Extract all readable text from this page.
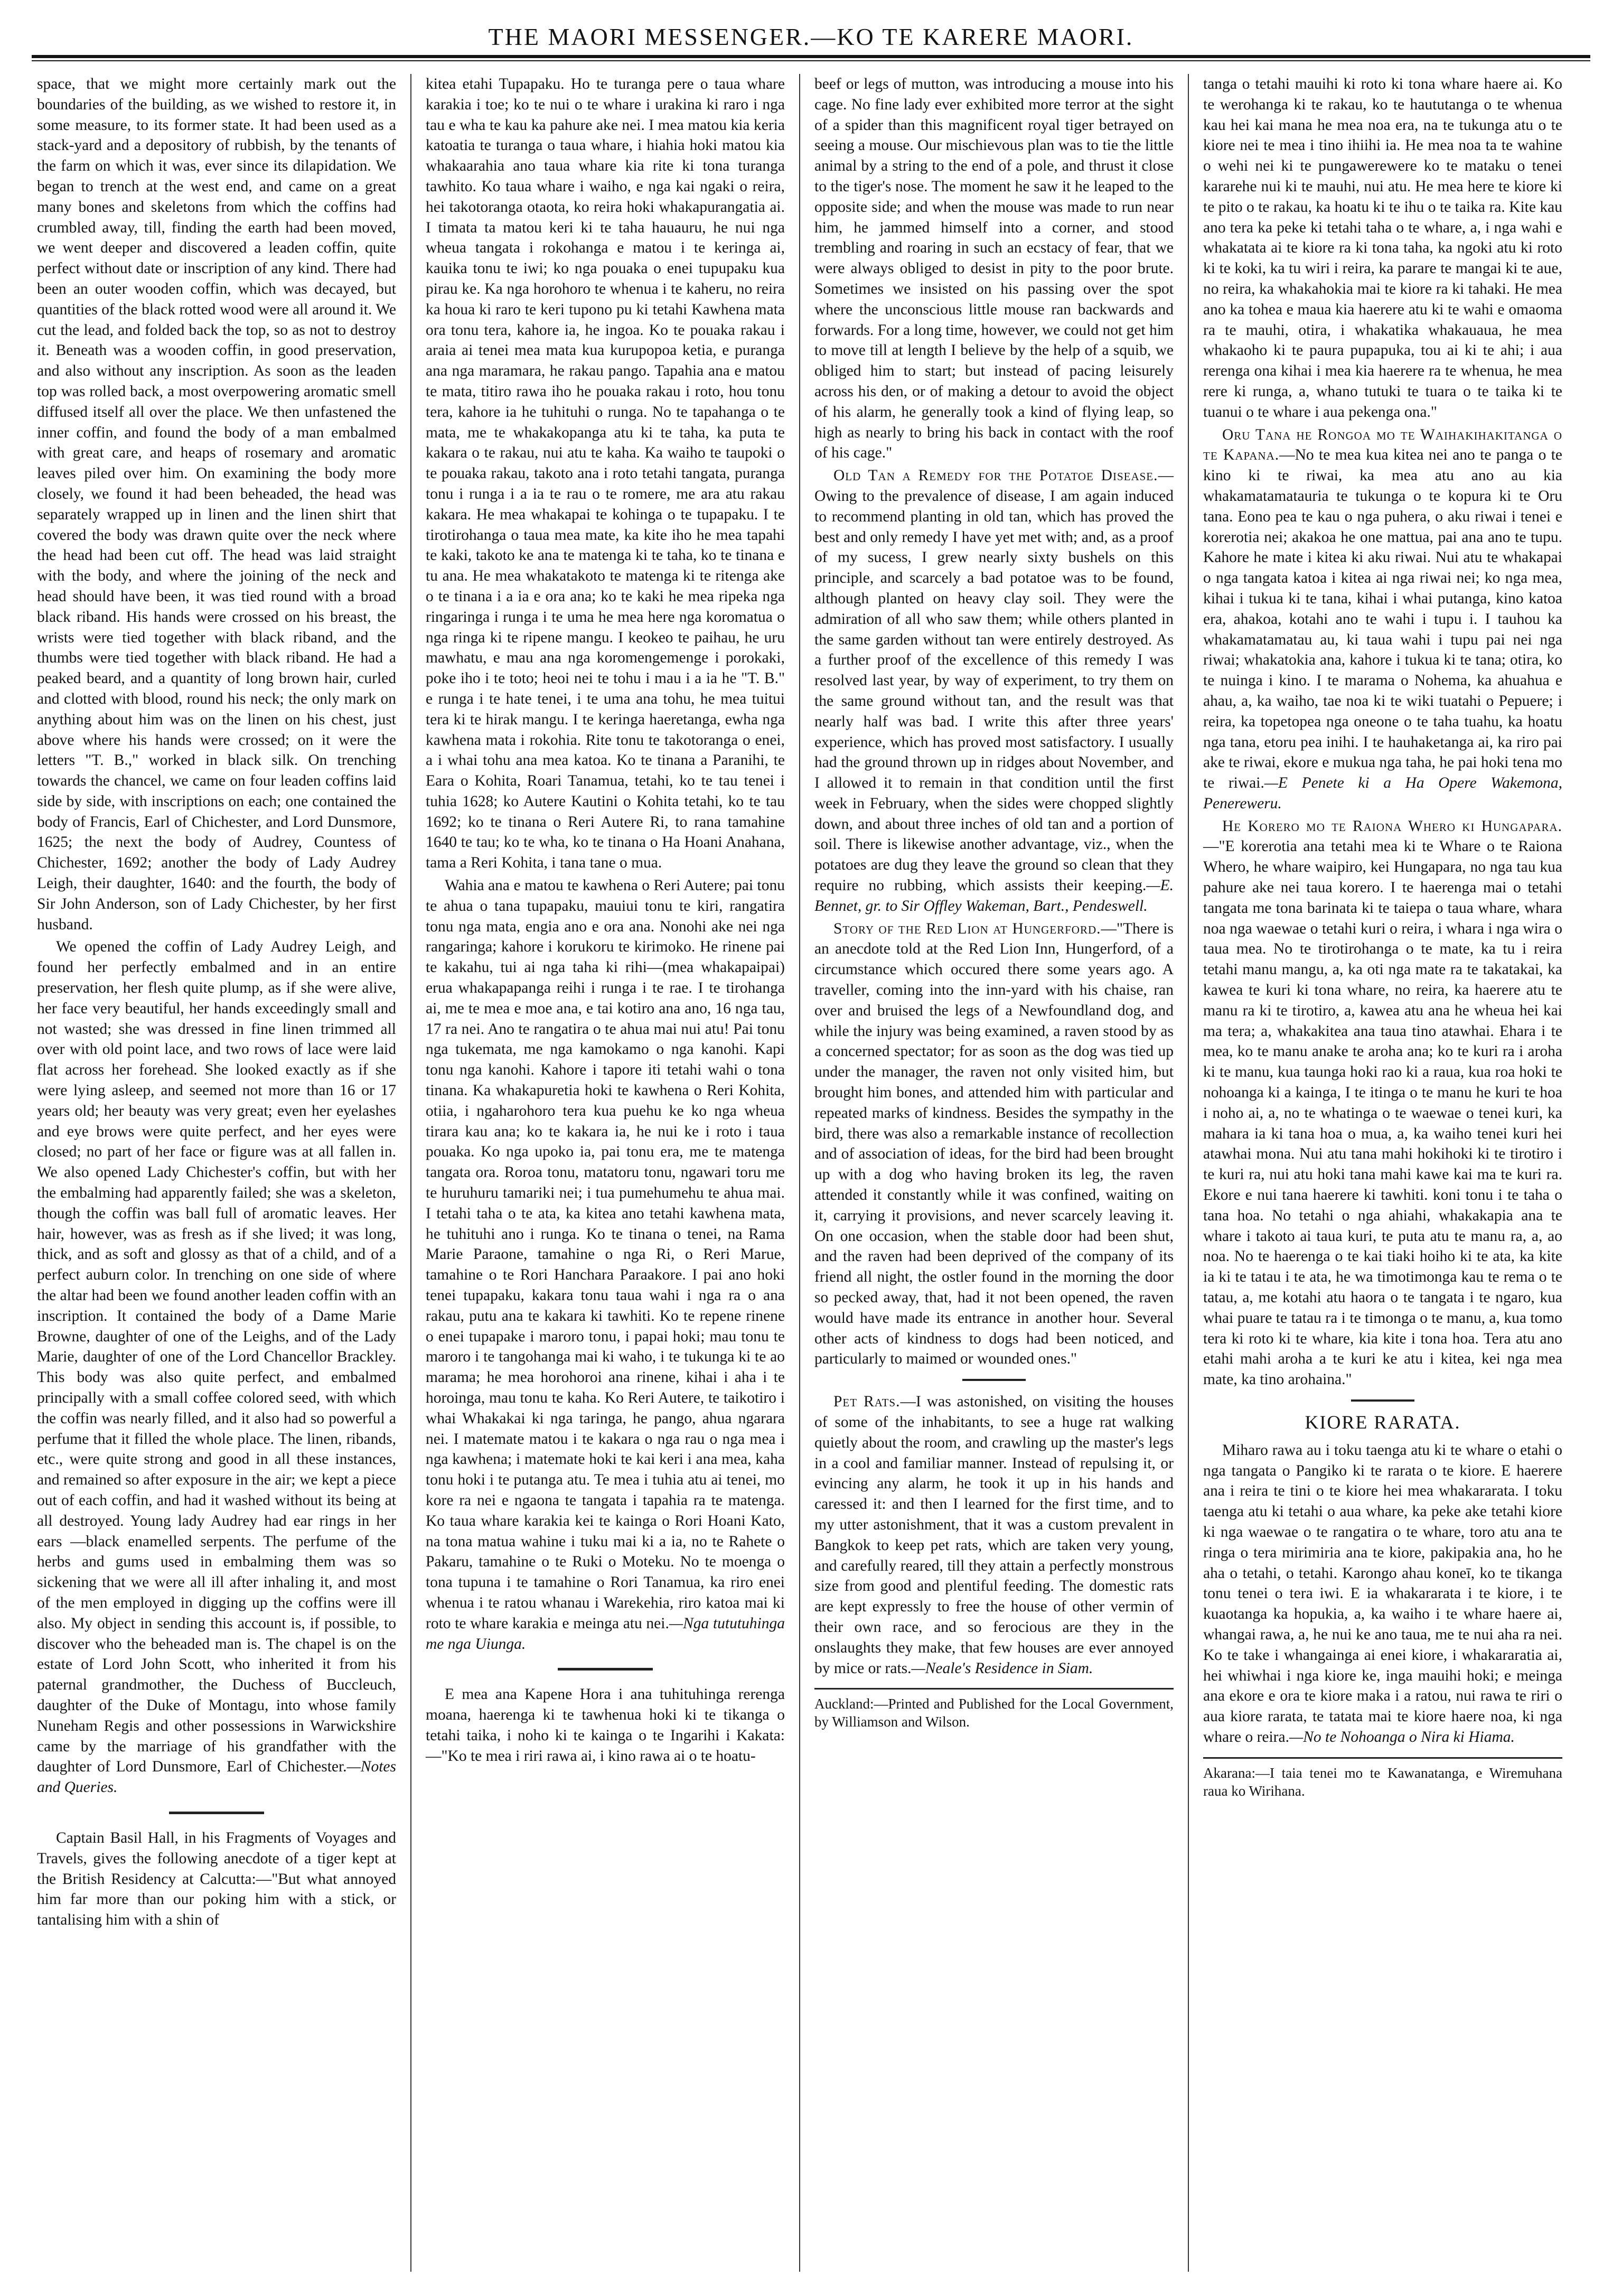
THE MAORI MESSENGER.—KO TE KARERE MAORI.

space, that we might more certainly mark out the boundaries of the building, as we wished to restore it, in some measure, to its former state. It had been used as a stack-yard and a depository of rubbish, by the tenants of the farm on which it was, ever since its dilapidation. We began to trench at the west end, and came on a great many bones and skeletons from which the coffins had crumbled away, till, finding the earth had been moved, we went deeper and discovered a leaden coffin, quite perfect without date or inscription of any kind. There had been an outer wooden coffin, which was decayed, but quantities of the black rotted wood were all around it. We cut the lead, and folded back the top, so as not to destroy it. Beneath was a wooden coffin, in good preservation, and also without any inscription. As soon as the leaden top was rolled back, a most overpowering aromatic smell diffused itself all over the place. We then unfastened the inner coffin, and found the body of a man embalmed with great care, and heaps of rosemary and aromatic leaves piled over him. On examining the body more closely, we found it had been beheaded, the head was separately wrapped up in linen and the linen shirt that covered the body was drawn quite over the neck where the head had been cut off. The head was laid straight with the body, and where the joining of the neck and head should have been, it was tied round with a broad black riband. His hands were crossed on his breast, the wrists were tied together with black riband, and the thumbs were tied together with black riband. He had a peaked beard, and a quantity of long brown hair, curled and clotted with blood, round his neck; the only mark on anything about him was on the linen on his chest, just above where his hands were crossed; on it were the letters "T. B.," worked in black silk. On trenching towards the chancel, we came on four leaden coffins laid side by side, with inscriptions on each; one contained the body of Francis, Earl of Chichester, and Lord Dunsmore, 1625; the next the body of Audrey, Countess of Chichester, 1692; another the body of Lady Audrey Leigh, their daughter, 1640: and the fourth, the body of Sir John Anderson, son of Lady Chichester, by her first husband.

We opened the coffin of Lady Audrey Leigh, and found her perfectly embalmed and in an entire preservation, her flesh quite plump, as if she were alive, her face very beautiful, her hands exceedingly small and not wasted; she was dressed in fine linen trimmed all over with old point lace, and two rows of lace were laid flat across her forehead. She looked exactly as if she were lying asleep, and seemed not more than 16 or 17 years old; her beauty was very great; even her eyelashes and eye brows were quite perfect, and her eyes were closed; no part of her face or figure was at all fallen in. We also opened Lady Chichester's coffin, but with her the embalming had apparently failed; she was a skeleton, though the coffin was ball full of aromatic leaves. Her hair, however, was as fresh as if she lived; it was long, thick, and as soft and glossy as that of a child, and of a perfect auburn color. In trenching on one side of where the altar had been we found another leaden coffin with an inscription. It contained the body of a Dame Marie Browne, daughter of one of the Leighs, and of the Lady Marie, daughter of one of the Lord Chancellor Brackley. This body was also quite perfect, and embalmed principally with a small coffee colored seed, with which the coffin was nearly filled, and it also had so powerful a perfume that it filled the whole place. The linen, ribands, etc., were quite strong and good in all these instances, and remained so after exposure in the air; we kept a piece out of each coffin, and had it washed without its being at all destroyed. Young lady Audrey had ear rings in her ears —black enamelled serpents. The perfume of the herbs and gums used in embalming them was so sickening that we were all ill after inhaling it, and most of the men employed in digging up the coffins were ill also. My object in sending this account is, if possible, to discover who the beheaded man is. The chapel is on the estate of Lord John Scott, who inherited it from his paternal grandmother, the Duchess of Buccleuch, daughter of the Duke of Montagu, into whose family Nuneham Regis and other possessions in Warwickshire came by the marriage of his grandfather with the daughter of Lord Dunsmore, Earl of Chichester.—Notes and Queries.

Captain Basil Hall, in his Fragments of Voyages and Travels, gives the following anecdote of a tiger kept at the British Residency at Calcutta:—"But what annoyed him far more than our poking him with a stick, or tantalising him with a shin of

kitea etahi Tupapaku. Ho te turanga pere o taua whare karakia i toe; ko te nui o te whare i urakina ki raro i nga tau e wha te kau ka pahure ake nei. I mea matou kia keria katoatia te turanga o taua whare, i hiahia hoki matou kia whakaarahia ano taua whare kia rite ki tona turanga tawhito. Ko taua whare i waiho, e nga kai ngaki o reira, hei takotoranga otaota, ko reira hoki whakapurangatia ai. I timata ta matou keri ki te taha hauauru, he nui nga wheua tangata i rokohanga e matou i te keringa ai, kauika tonu te iwi; ko nga pouaka o enei tupupaku kua pirau ke. Ka nga horohoro te whenua i te kaheru, no reira ka houa ki raro te keri tupono pu ki tetahi Kawhena mata ora tonu tera, kahore ia, he ingoa. Ko te pouaka rakau i araia ai tenei mea mata kua kurupopoa ketia, e puranga ana nga maramara, he rakau pango. Tapahia ana e matou te mata, titiro rawa iho he pouaka rakau i roto, hou tonu tera, kahore ia he tuhituhi o runga. No te tapahanga o te mata, me te whakakopanga atu ki te taha, ka puta te kakara o te rakau, nui atu te kaha. Ka waiho te taupoki o te pouaka rakau, takoto ana i roto tetahi tangata, puranga tonu i runga i a ia te rau o te romere, me ara atu rakau kakara. He mea whakapai te kohinga o te tupapaku. I te tirotirohanga o taua mea mate, ka kite iho he mea tapahi te kaki, takoto ke ana te matenga ki te taha, ko te tinana e tu ana. He mea whakatakoto te matenga ki te ritenga ake o te tinana i a ia e ora ana; ko te kaki he mea ripeka nga ringaringa i runga i te uma he mea here nga koromatua o nga ringa ki te ripene mangu. I keokeo te paihau, he uru mawhatu, e mau ana nga koromengemenge i porokaki, poke iho i te toto; heoi nei te tohu i mau i a ia he "T. B." e runga i te hate tenei, i te uma ana tohu, he mea tuitui tera ki te hirak mangu. I te keringa haeretanga, ewha nga kawhena mata i rokohia. Rite tonu te takotoranga o enei, a i whai tohu ana mea katoa. Ko te tinana a Paranihi, te Eara o Kohita, Roari Tanamua, tetahi, ko te tau tenei i tuhia 1628; ko Autere Kautini o Kohita tetahi, ko te tau 1692; ko te tinana o Reri Autere Ri, to rana tamahine 1640 te tau; ko te wha, ko te tinana o Ha Hoani Anahana, tama a Reri Kohita, i tana tane o mua.

Wahia ana e matou te kawhena o Reri Autere; pai tonu te ahua o tana tupapaku, mauiui tonu te kiri, rangatira tonu nga mata, engia ano e ora ana. Nonohi ake nei nga rangaringa; kahore i korukoru te kirimoko. He rinene pai te kakahu, tui ai nga taha ki rihi—(mea whakapaipai) erua whakapapanga reihi i runga i te rae. I te tirohanga ai, me te mea e moe ana, e tai kotiro ana ano, 16 nga tau, 17 ra nei. Ano te rangatira o te ahua mai nui atu! Pai tonu nga tukemata, me nga kamokamo o nga kanohi. Kapi tonu nga kanohi. Kahore i tapore iti tetahi wahi o tona tinana. Ka whakapuretia hoki te kawhena o Reri Kohita, otiia, i ngaharohoro tera kua puehu ke ko nga wheua tirara kau ana; ko te kakara ia, he nui ke i roto i taua pouaka. Ko nga upoko ia, pai tonu era, me te matenga tangata ora. Roroa tonu, matatoru tonu, ngawari toru me te huruhuru tamariki nei; i tua pumehumehu te ahua mai. I tetahi taha o te ata, ka kitea ano tetahi kawhena mata, he tuhituhi ano i runga. Ko te tinana o tenei, na Rama Marie Paraone, tamahine o nga Ri, o Reri Marue, tamahine o te Rori Hanchara Paraakore. I pai ano hoki tenei tupapaku, kakara tonu taua wahi i nga ra o ana rakau, putu ana te kakara ki tawhiti. Ko te repene rinene o enei tupapake i maroro tonu, i papai hoki; mau tonu te maroro i te tangohanga mai ki waho, i te tukunga ki te ao marama; he mea horohoroi ana rinene, kihai i aha i te horoinga, mau tonu te kaha. Ko Reri Autere, te taikotiro i whai Whakakai ki nga taringa, he pango, ahua ngarara nei. I matemate matou i te kakara o nga rau o nga mea i nga kawhena; i matemate hoki te kai keri i ana mea, kaha tonu hoki i te putanga atu. Te mea i tuhia atu ai tenei, mo kore ra nei e ngaona te tangata i tapahia ra te matenga. Ko taua whare karakia kei te kainga o Rori Hoani Kato, na tona matua wahine i tuku mai ki a ia, no te Rahete o Pakaru, tamahine o te Ruki o Moteku. No te moenga o tona tupuna i te tamahine o Rori Tanamua, ka riro enei whenua i te ratou whanau i Warekehia, riro katoa mai ki roto te whare karakia e meinga atu nei.—Nga tututuhinga me nga Uiunga.

E mea ana Kapene Hora i ana tuhituhinga rerenga moana, haerenga ki te tawhenua hoki ki te tikanga o tetahi taika, i noho ki te kainga o te Ingarihi i Kakata:—"Ko te mea i riri rawa ai, i kino rawa ai o te hoatu-

beef or legs of mutton, was introducing a mouse into his cage. No fine lady ever exhibited more terror at the sight of a spider than this magnificent royal tiger betrayed on seeing a mouse. Our mischievous plan was to tie the little animal by a string to the end of a pole, and thrust it close to the tiger's nose. The moment he saw it he leaped to the opposite side; and when the mouse was made to run near him, he jammed himself into a corner, and stood trembling and roaring in such an ecstacy of fear, that we were always obliged to desist in pity to the poor brute. Sometimes we insisted on his passing over the spot where the unconscious little mouse ran backwards and forwards. For a long time, however, we could not get him to move till at length I believe by the help of a squib, we obliged him to start; but instead of pacing leisurely across his den, or of making a detour to avoid the object of his alarm, he generally took a kind of flying leap, so high as nearly to bring his back in contact with the roof of his cage."

Old Tan a Remedy for the Potatoe Disease.—Owing to the prevalence of disease, I am again induced to recommend planting in old tan, which has proved the best and only remedy I have yet met with; and, as a proof of my sucess, I grew nearly sixty bushels on this principle, and scarcely a bad potatoe was to be found, although planted on heavy clay soil. They were the admiration of all who saw them; while others planted in the same garden without tan were entirely destroyed. As a further proof of the excellence of this remedy I was resolved last year, by way of experiment, to try them on the same ground without tan, and the result was that nearly half was bad. I write this after three years' experience, which has proved most satisfactory. I usually had the ground thrown up in ridges about November, and I allowed it to remain in that condition until the first week in February, when the sides were chopped slightly down, and about three inches of old tan and a portion of soil. There is likewise another advantage, viz., when the potatoes are dug they leave the ground so clean that they require no rubbing, which assists their keeping.—E. Bennet, gr. to Sir Offley Wakeman, Bart., Pendeswell.

Story of the Red Lion at Hungerford.—"There is an anecdote told at the Red Lion Inn, Hungerford, of a circumstance which occured there some years ago. A traveller, coming into the inn-yard with his chaise, ran over and bruised the legs of a Newfoundland dog, and while the injury was being examined, a raven stood by as a concerned spectator; for as soon as the dog was tied up under the manager, the raven not only visited him, but brought him bones, and attended him with particular and repeated marks of kindness. Besides the sympathy in the bird, there was also a remarkable instance of recollection and of association of ideas, for the bird had been brought up with a dog who having broken its leg, the raven attended it constantly while it was confined, waiting on it, carrying it provisions, and never scarcely leaving it. On one occasion, when the stable door had been shut, and the raven had been deprived of the company of its friend all night, the ostler found in the morning the door so pecked away, that, had it not been opened, the raven would have made its entrance in another hour. Several other acts of kindness to dogs had been noticed, and particularly to maimed or wounded ones."

Pet Rats.—I was astonished, on visiting the houses of some of the inhabitants, to see a huge rat walking quietly about the room, and crawling up the master's legs in a cool and familiar manner. Instead of repulsing it, or evincing any alarm, he took it up in his hands and caressed it: and then I learned for the first time, and to my utter astonishment, that it was a custom prevalent in Bangkok to keep pet rats, which are taken very young, and carefully reared, till they attain a perfectly monstrous size from good and plentiful feeding. The domestic rats are kept expressly to free the house of other vermin of their own race, and so ferocious are they in the onslaughts they make, that few houses are ever annoyed by mice or rats.—Neale's Residence in Siam.

Auckland:—Printed and Published for the Local Government, by Williamson and Wilson.

tanga o tetahi mauihi ki roto ki tona whare haere ai. Ko te werohanga ki te rakau, ko te haututanga o te whenua kau hei kai mana he mea noa era, na te tukunga atu o te kiore nei te mea i tino ihiihi ia. He mea noa ta te wahine o wehi nei ki te pungawerewere ko te mataku o tenei kararehe nui ki te mauhi, nui atu. He mea here te kiore ki te pito o te rakau, ka hoatu ki te ihu o te taika ra. Kite kau ano tera ka peke ki tetahi taha o te whare, a, i nga wahi e whakatata ai te kiore ra ki tona taha, ka ngoki atu ki roto ki te koki, ka tu wiri i reira, ka parare te mangai ki te aue, no reira, ka whakahokia mai te kiore ra ki tahaki. He mea ano ka tohea e maua kia haerere atu ki te wahi e omaoma ra te mauhi, otira, i whakatika whakauaua, he mea whakaoho ki te paura pupapuka, tou ai ki te ahi; i aua rerenga ona kihai i mea kia haerere ra te whenua, he mea rere ki runga, a, whano tutuki te tuara o te taika ki te tuanui o te whare i aua pekenga ona."

Oru Tana he Rongoa mo te Waihakihakitanga o te Kapana.—No te mea kua kitea nei ano te panga o te kino ki te riwai, ka mea atu ano au kia whakamatamatauria te tukunga o te kopura ki te Oru tana. Eono pea te kau o nga puhera, o aku riwai i tenei e korerotia nei; akakoa he one mattua, pai ana ano te tupu. Kahore he mate i kitea ki aku riwai. Nui atu te whakapai o nga tangata katoa i kitea ai nga riwai nei; ko nga mea, kihai i tukua ki te tana, kihai i whai putanga, kino katoa era, ahakoa, kotahi ano te wahi i tupu i. I tauhou ka whakamatamatau au, ki taua wahi i tupu pai nei nga riwai; whakatokia ana, kahore i tukua ki te tana; otira, ko te nuinga i kino. I te marama o Nohema, ka ahuahua e ahau, a, ka waiho, tae noa ki te wiki tuatahi o Pepuere; i reira, ka topetopea nga oneone o te taha tuahu, ka hoatu nga tana, etoru pea inihi. I te hauhaketanga ai, ka riro pai ake te riwai, ekore e mukua nga taha, he pai hoki tena mo te riwai.—E Penete ki a Ha Opere Wakemona, Penereweru.

He Korero mo te Raiona Whero ki Hungapara.—"E korerotia ana tetahi mea ki te Whare o te Raiona Whero, he whare waipiro, kei Hungapara, no nga tau kua pahure ake nei taua korero. I te haerenga mai o tetahi tangata me tona barinata ki te taiepa o taua whare, whara noa nga waewae o tetahi kuri o reira, i whara i nga wira o taua mea. No te tirotirohanga o te mate, ka tu i reira tetahi manu mangu, a, ka oti nga mate ra te takatakai, ka kawea te kuri ki tona whare, no reira, ka haerere atu te manu ra ki te tirotiro, a, kawea atu ana he wheua hei kai ma tera; a, whakakitea ana taua tino atawhai. Ehara i te mea, ko te manu anake te aroha ana; ko te kuri ra i aroha ki te manu, kua taunga hoki rao ki a raua, kua roa hoki te nohoanga ki a kainga, I te itinga o te manu he kuri te hoa i noho ai, a, no te whatinga o te waewae o tenei kuri, ka mahara ia ki tana hoa o mua, a, ka waiho tenei kuri hei atawhai mona. Nui atu tana mahi hokihoki ki te tirotiro i te kuri ra, nui atu hoki tana mahi kawe kai ma te kuri ra. Ekore e nui tana haerere ki tawhiti. koni tonu i te taha o tana hoa. No tetahi o nga ahiahi, whakakapia ana te whare i takoto ai taua kuri, te puta atu te manu ra, a, ao noa. No te haerenga o te kai tiaki hoiho ki te ata, ka kite ia ki te tatau i te ata, he wa timotimonga kau te rema o te tatau, a, me kotahi atu haora o te tangata i te ngaro, kua whai puare te tatau ra i te timonga o te manu, a, kua tomo tera ki roto ki te whare, kia kite i tona hoa. Tera atu ano etahi mahi aroha a te kuri ke atu i kitea, kei nga mea mate, ka tino arohaina."

KIORE RARATA.

Miharo rawa au i toku taenga atu ki te whare o etahi o nga tangata o Pangiko ki te rarata o te kiore. E haerere ana i reira te tini o te kiore hei mea whakararata. I toku taenga atu ki tetahi o aua whare, ka peke ake tetahi kiore ki nga waewae o te rangatira o te whare, toro atu ana te ringa o tera mirimiria ana te kiore, pakipakia ana, ho he aha o tetahi, o tetahi. Karongo ahau koneī, ko te tikanga tonu tenei o tera iwi. E ia whakararata i te kiore, i te kuaotanga ka hopukia, a, ka waiho i te whare haere ai, whangai rawa, a, he nui ke ano taua, me te nui aha ra nei. Ko te take i whangainga ai enei kiore, i whakararatia ai, hei whiwhai i nga kiore ke, inga mauihi hoki; e meinga ana ekore e ora te kiore maka i a ratou, nui rawa te riri o aua kiore rarata, te tatata mai te kiore haere noa, ki nga whare o reira.—No te Nohoanga o Nira ki Hiama.

Akarana:—I taia tenei mo te Kawanatanga, e Wiremuhana raua ko Wirihana.
